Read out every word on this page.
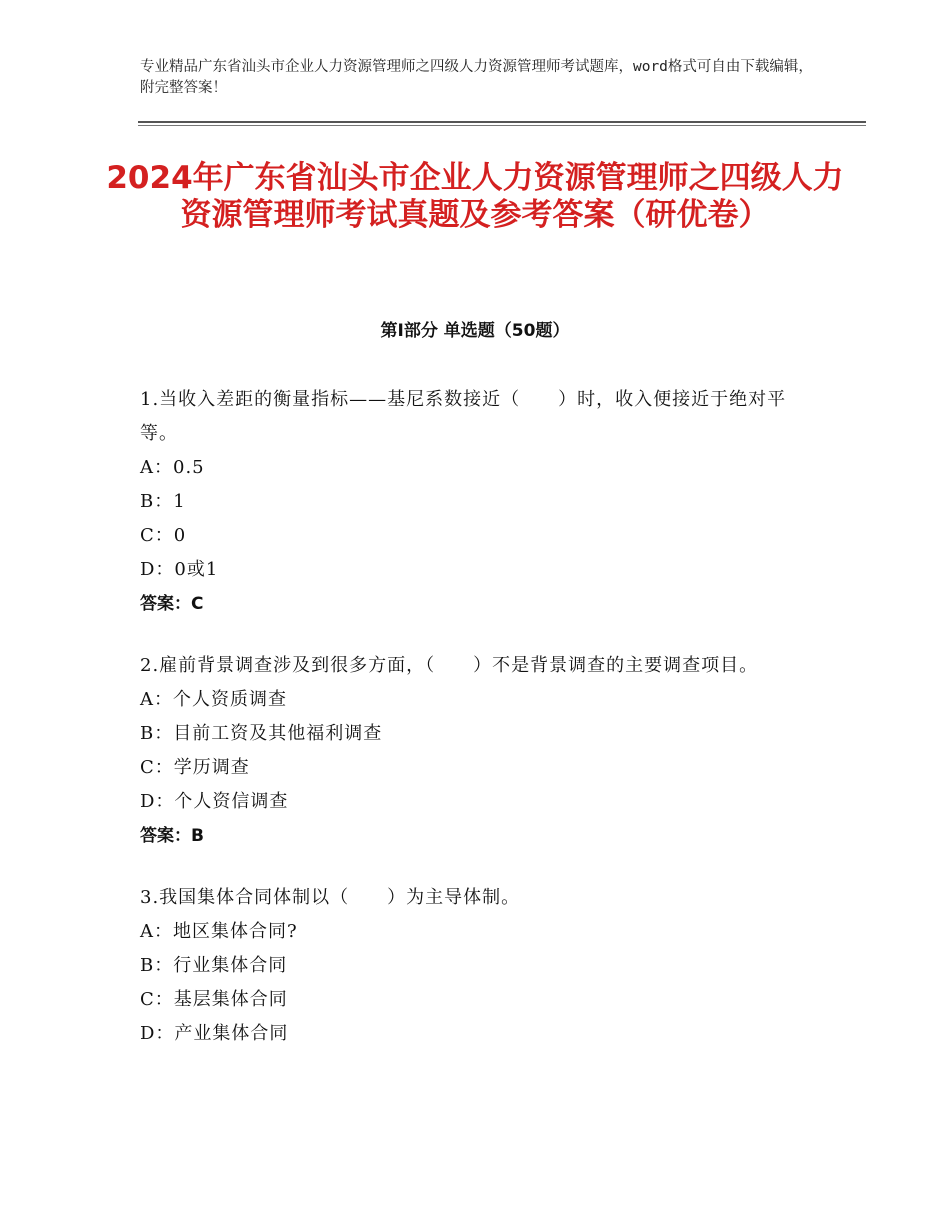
专业精品广东省汕头市企业人力资源管理师之四级人力资源管理师考试题库，word格式可自由下载编辑，附完整答案！
2024年广东省汕头市企业人力资源管理师之四级人力资源管理师考试真题及参考答案（研优卷）
第Ⅰ部分 单选题（50题）
1.当收入差距的衡量指标——基尼系数接近（　　）时，收入便接近于绝对平等。
A：0.5
B：1
C：0
D：0或1
答案：C
2.雇前背景调查涉及到很多方面，（　　）不是背景调查的主要调查项目。
A：个人资质调查
B：目前工资及其他福利调查
C：学历调查
D：个人资信调查
答案：B
3.我国集体合同体制以（　　）为主导体制。
A：地区集体合同?
B：行业集体合同
C：基层集体合同
D：产业集体合同
